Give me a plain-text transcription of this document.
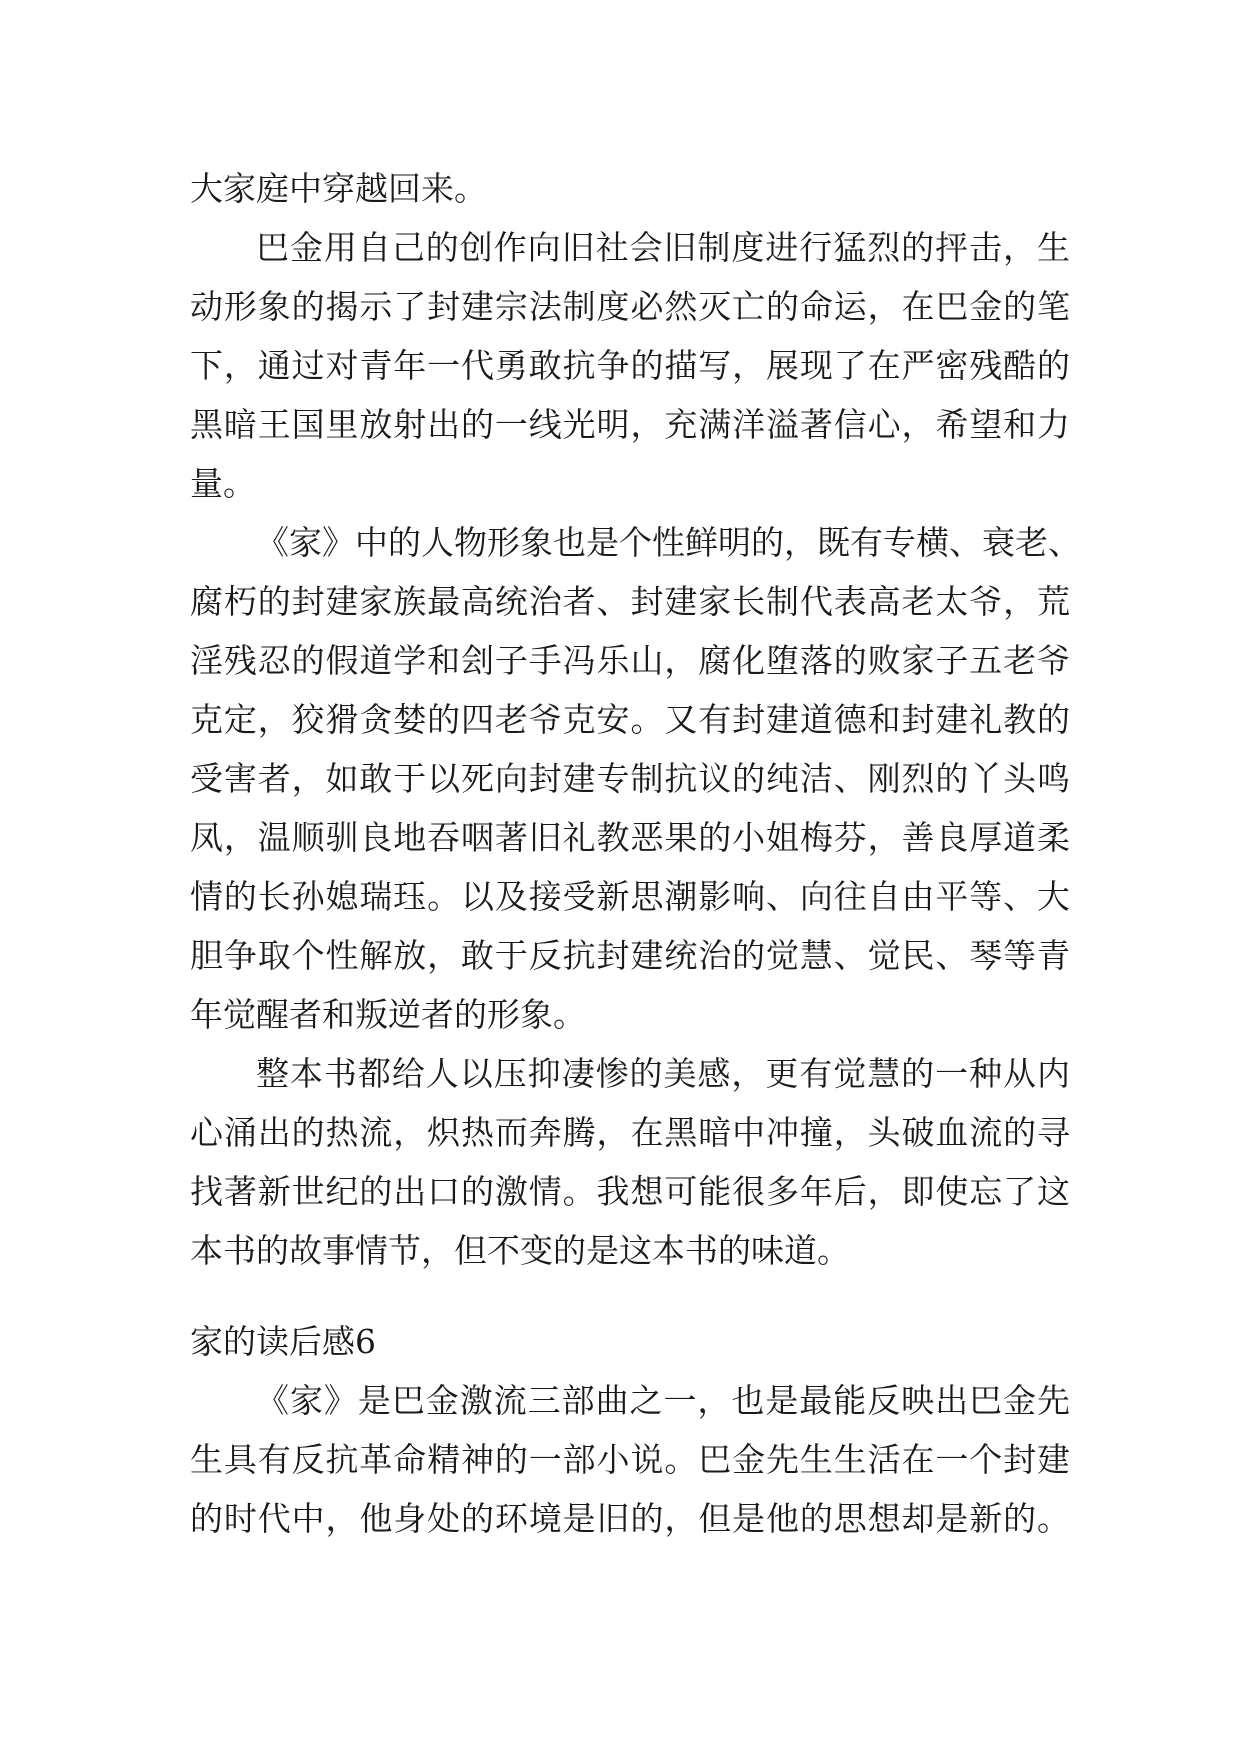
大家庭中穿越回来。
巴金用自己的创作向旧社会旧制度进行猛烈的抨击，生
动形象的揭示了封建宗法制度必然灭亡的命运，在巴金的笔
下，通过对青年一代勇敢抗争的描写，展现了在严密残酷的
黑暗王国里放射出的一线光明，充满洋溢著信心，希望和力
量。
《家》中的人物形象也是个性鲜明的，既有专横、衰老、
腐朽的封建家族最高统治者、封建家长制代表高老太爷，荒
淫残忍的假道学和刽子手冯乐山，腐化堕落的败家子五老爷
克定，狡猾贪婪的四老爷克安。又有封建道德和封建礼教的
受害者，如敢于以死向封建专制抗议的纯洁、刚烈的丫头鸣
凤，温顺驯良地吞咽著旧礼教恶果的小姐梅芬，善良厚道柔
情的长孙媳瑞珏。以及接受新思潮影响、向往自由平等、大
胆争取个性解放，敢于反抗封建统治的觉慧、觉民、琴等青
年觉醒者和叛逆者的形象。
整本书都给人以压抑凄惨的美感，更有觉慧的一种从内
心涌出的热流，炽热而奔腾，在黑暗中冲撞，头破血流的寻
找著新世纪的出口的激情。我想可能很多年后，即使忘了这
本书的故事情节，但不变的是这本书的味道。
家的读后感6
《家》是巴金激流三部曲之一，也是最能反映出巴金先
生具有反抗革命精神的一部小说。巴金先生生活在一个封建
的时代中，他身处的环境是旧的，但是他的思想却是新的。
